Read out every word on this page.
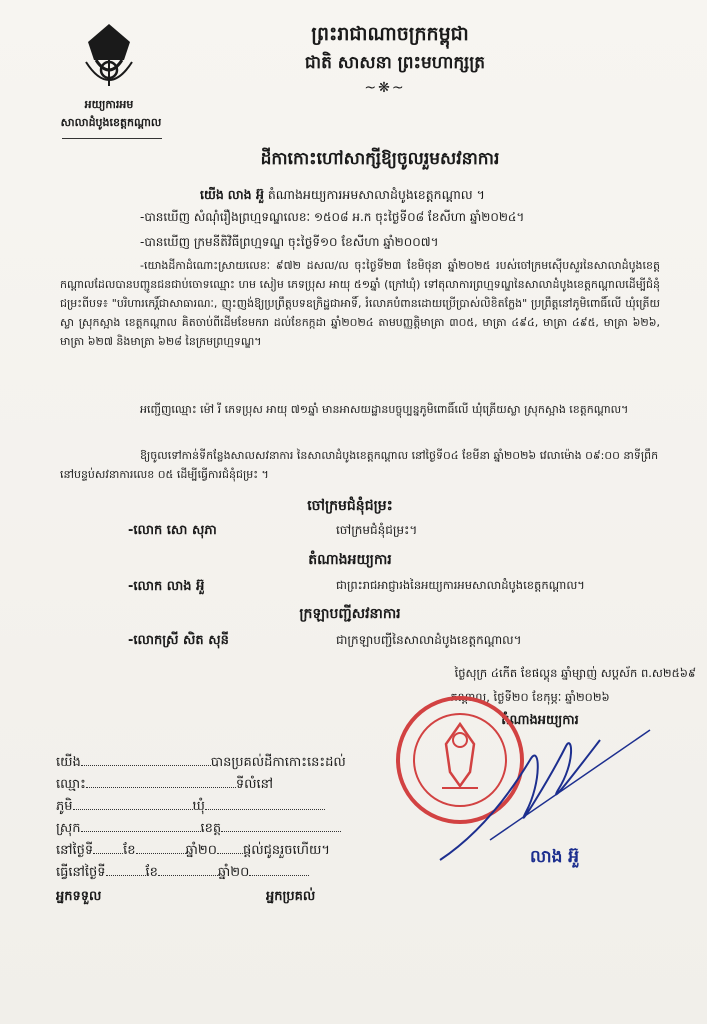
អយ្យការអម
សាលាដំបូងខេត្តកណ្តាល
ព្រះរាជាណាចក្រកម្ពុជា
ជាតិ សាសនា ព្រះមហាក្សត្រ
~❋~
ដីកាកោះហៅសាក្សីឱ្យចូលរួមសវនាការ
យើង លាង អ៊ួ តំណាងអយ្យការអមសាលាដំបូងខេត្តកណ្តាល ។
-បានឃើញ សំណុំរឿងព្រហ្មទណ្ឌលេខៈ ១៥០៨ អ.ក ចុះថ្ងៃទី០៨ ខែសីហា ឆ្នាំ២០២៤។
-បានឃើញ ក្រមនីតិវិធីព្រហ្មទណ្ឌ ចុះថ្ងៃទី១០ ខែសីហា ឆ្នាំ២០០៧។
-យោងដីកាដំណោះស្រាយលេខៈ ៩៧២ ដសល/ល ចុះថ្ងៃទី២៣ ខែមិថុនា ឆ្នាំ២០២៥ របស់ចៅក្រមស៊ើបសួរនៃសាលាដំបូងខេត្តកណ្តាលដែលបានបញ្ជូនជនជាប់ចោទឈ្មោះ ហម សៀម ភេទប្រុស អាយុ ៥១ឆ្នាំ (ក្រៅឃុំ) ទៅតុលាការព្រហ្មទណ្ឌនៃសាលាដំបូងខេត្តកណ្តាលដើម្បីជំនុំជម្រះពីបទ៖ "បរិហារកេរ្តិ៍ជាសាធារណៈ, ញុះញង់ឱ្យប្រព្រឹត្តបទឧក្រិដ្ឋជាអាទិ៍, រំលោភបំពានដោយប្រើប្រាស់លិខិតក្លែង" ប្រព្រឹត្តនៅភូមិពោធិ៍លើ ឃុំត្រើយស្លា ស្រុកស្អាង ខេត្តកណ្តាល គិតចាប់ពីដើមខែមករា ដល់ខែកក្កដា ឆ្នាំ២០២៤ តាមបញ្ញត្តិមាត្រា ៣០៥, មាត្រា ៤៩៤, មាត្រា ៤៩៥, មាត្រា ៦២៦, មាត្រា ៦២៧ និងមាត្រា ៦២៨ នៃក្រមព្រហ្មទណ្ឌ។
អញ្ជើញឈ្មោះ ម៉ៅ រី ភេទប្រុស អាយុ ៧១ឆ្នាំ មានអាសយដ្ឋានបច្ចុប្បន្នភូមិពោធិ៍លើ ឃុំត្រើយស្លា ស្រុកស្អាង ខេត្តកណ្តាល។
ឱ្យចូលទៅកាន់ទីកន្លែងសាលសវនាការ នៃសាលាដំបូងខេត្តកណ្តាល នៅថ្ងៃទី០៤ ខែមីនា ឆ្នាំ២០២៦ វេលាម៉ោង ០៩:០០ នាទីព្រឹក នៅបន្ទប់សវនាការលេខ ០៥ ដើម្បីធ្វើការជំនុំជម្រះ ។
ចៅក្រមជំនុំជម្រះ
-លោក សោ សុភា	ចៅក្រមជំនុំជម្រះ។
តំណាងអយ្យការ
-លោក លាង អ៊ួ	ជាព្រះរាជអាជ្ញារងនៃអយ្យការអមសាលាដំបូងខេត្តកណ្តាល។
ក្រឡាបញ្ជីសវនាការ
-លោកស្រី សិត សុនី	ជាក្រឡាបញ្ជីនៃសាលាដំបូងខេត្តកណ្តាល។
ថ្ងៃសុក្រ ៤កើត ខែផល្គុន ឆ្នាំម្សាញ់ សប្តស័ក ព.ស២៥៦៩
កណ្តាល, ថ្ងៃទី២០ ខែកុម្ភៈ ឆ្នាំ២០២៦
តំណាងអយ្យការ
លាង អ៊ួ
យើង	បានប្រគល់ដីកាកោះនេះដល់
ឈ្មោះ	ទីលំនៅ
ភូមិ	ឃុំ
ស្រុក	ខេត្ត
នៅថ្ងៃទី ខែ	ឆ្នាំ២០ ផ្តល់ជូនរួចហើយ។
ធ្វើនៅថ្ងៃទី	ខែ	ឆ្នាំ២០
អ្នកទទួល	អ្នកប្រគល់
